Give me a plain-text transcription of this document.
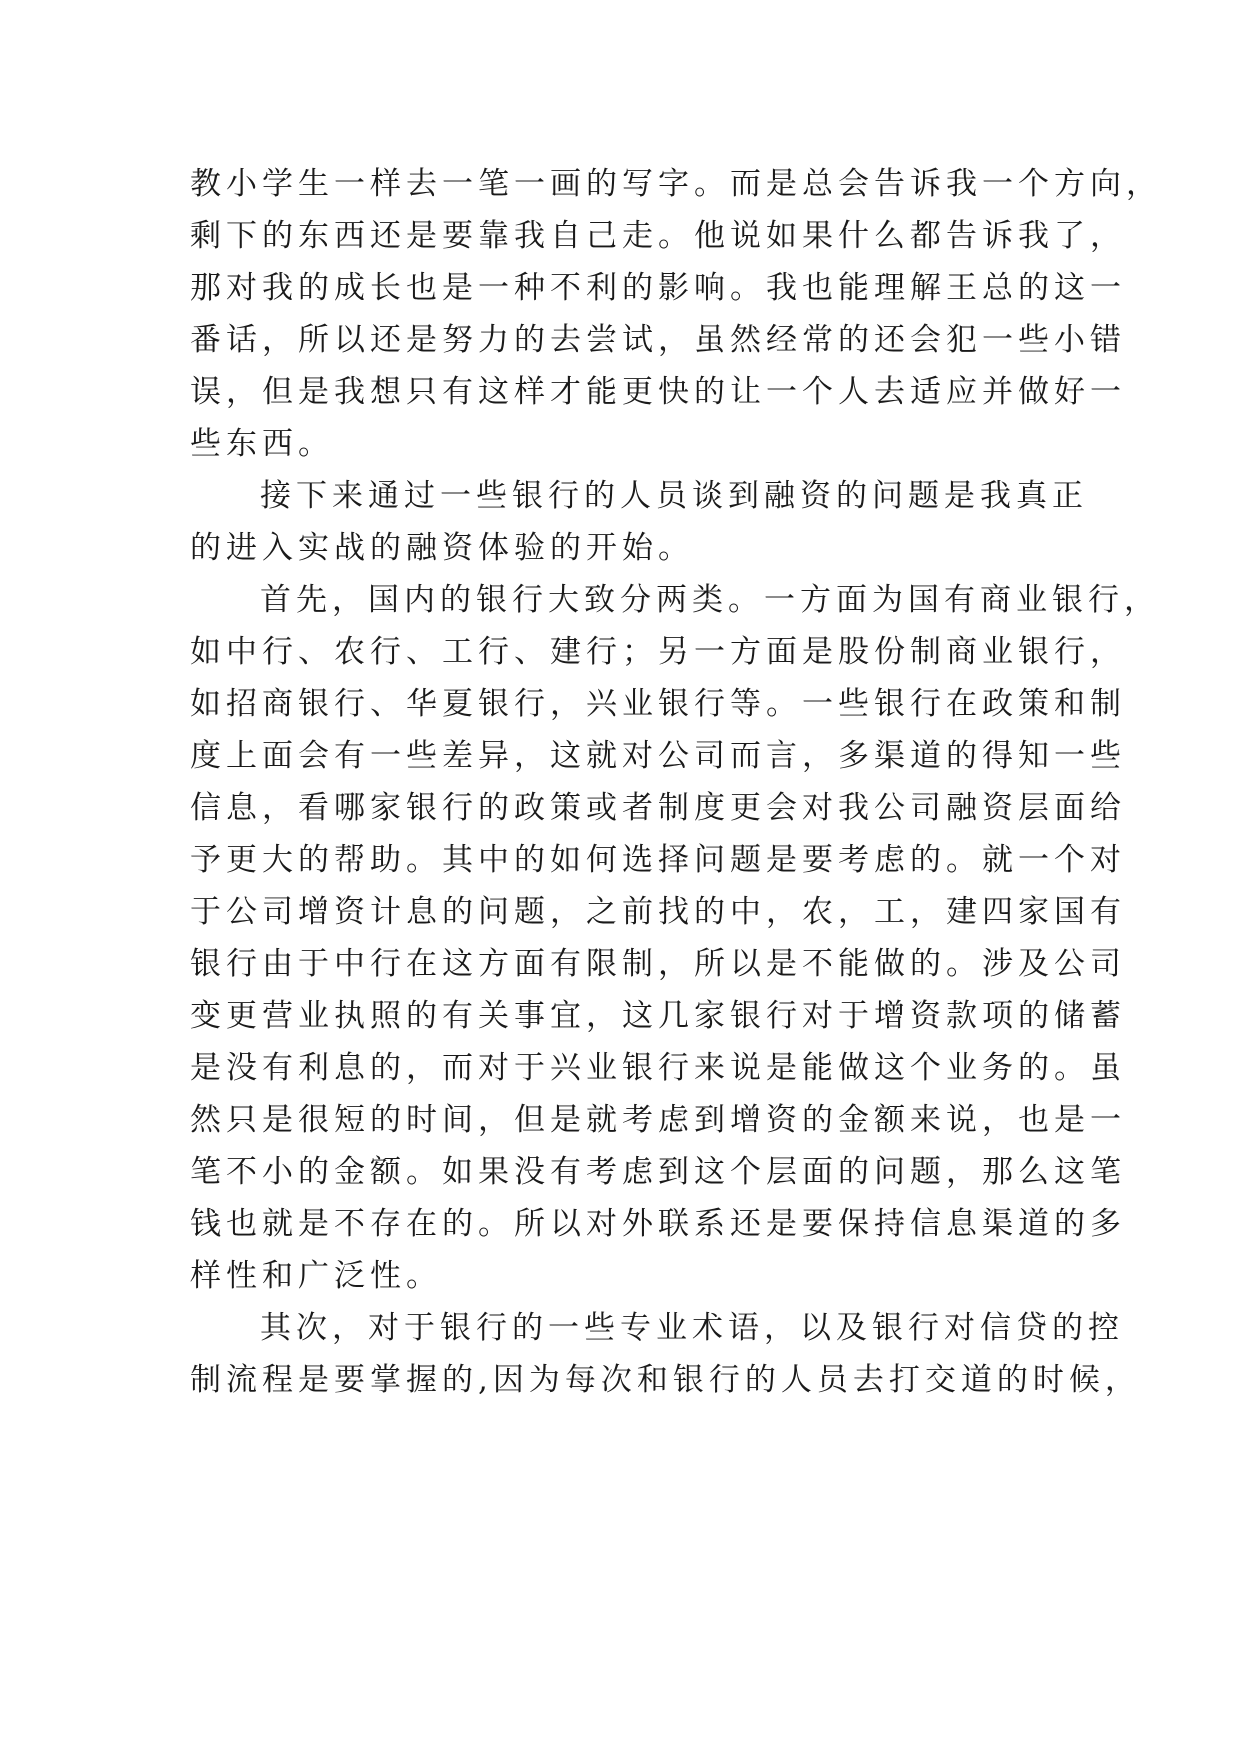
教小学生一样去一笔一画的写字。而是总会告诉我一个方向，
剩下的东西还是要靠我自己走。他说如果什么都告诉我了，
那对我的成长也是一种不利的影响。我也能理解王总的这一
番话，所以还是努力的去尝试，虽然经常的还会犯一些小错
误，但是我想只有这样才能更快的让一个人去适应并做好一
些东西。
接下来通过一些银行的人员谈到融资的问题是我真正
的进入实战的融资体验的开始。
首先，国内的银行大致分两类。一方面为国有商业银行，
如中行、农行、工行、建行；另一方面是股份制商业银行，
如招商银行、华夏银行，兴业银行等。一些银行在政策和制
度上面会有一些差异，这就对公司而言，多渠道的得知一些
信息，看哪家银行的政策或者制度更会对我公司融资层面给
予更大的帮助。其中的如何选择问题是要考虑的。就一个对
于公司增资计息的问题，之前找的中，农，工，建四家国有
银行由于中行在这方面有限制，所以是不能做的。涉及公司
变更营业执照的有关事宜，这几家银行对于增资款项的储蓄
是没有利息的，而对于兴业银行来说是能做这个业务的。虽
然只是很短的时间，但是就考虑到增资的金额来说，也是一
笔不小的金额。如果没有考虑到这个层面的问题，那么这笔
钱也就是不存在的。所以对外联系还是要保持信息渠道的多
样性和广泛性。
其次，对于银行的一些专业术语，以及银行对信贷的控
制流程是要掌握的,因为每次和银行的人员去打交道的时候，
